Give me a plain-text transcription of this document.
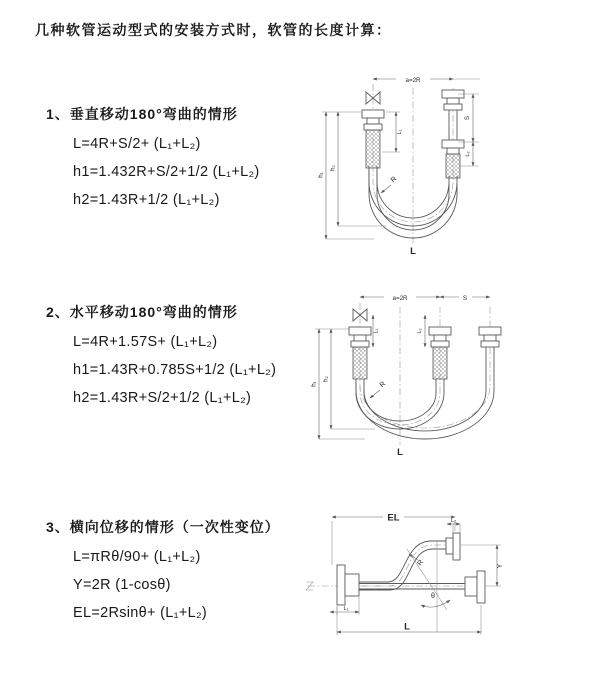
几种软管运动型式的安装方式时，软管的长度计算：
1、垂直移动180°弯曲的情形
L=4R+S/2+ (L₁+L₂)
h1=1.432R+S/2+1/2 (L₁+L₂)
h2=1.43R+1/2 (L₁+L₂)
a=2R
L₁
S
L₂
h₁
h₂
R
L
2、水平移动180°弯曲的情形
L=4R+1.57S+ (L₁+L₂)
h1=1.43R+0.785S+1/2 (L₁+L₂)
h2=1.43R+S/2+1/2 (L₁+L₂)
a=2R	S
L₁	L₂
h₁
h₂
R
L
3、横向位移的情形（一次性变位）
L=πRθ/90+ (L₁+L₂)
Y=2R (1-cosθ)
EL=2Rsinθ+ (L₁+L₂)
EL	L₂
L₁
L
Y
R
θ
